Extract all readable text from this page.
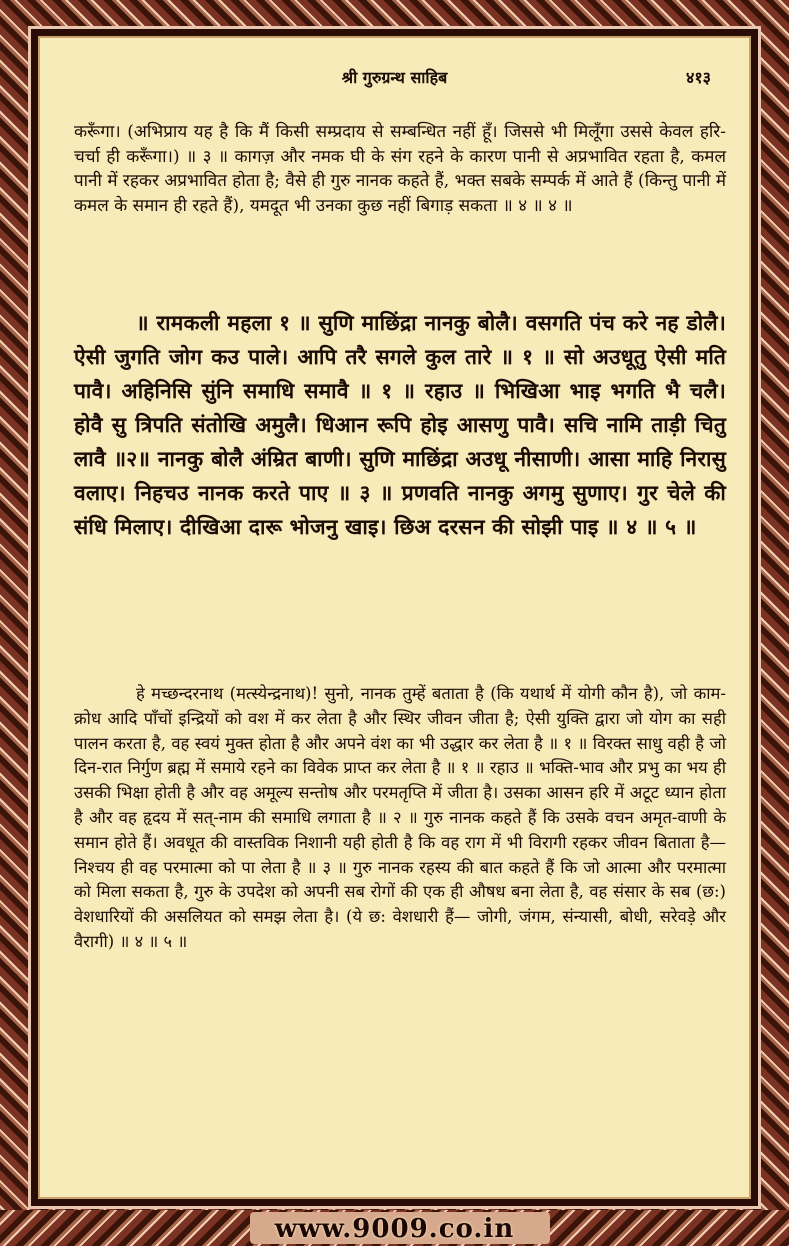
श्री गुरुग्रन्थ साहिब	४१३
करूँगा। (अभिप्राय यह है कि मैं किसी सम्प्रदाय से सम्बन्धित नहीं हूँ। जिससे भी मिलूँगा उससे केवल हरि-चर्चा ही करूँगा।) ॥ ३ ॥ कागज़ और नमक घी के संग रहने के कारण पानी से अप्रभावित रहता है, कमल पानी में रहकर अप्रभावित होता है; वैसे ही गुरु नानक कहते हैं, भक्त सबके सम्पर्क में आते हैं (किन्तु पानी में कमल के समान ही रहते हैं), यमदूत भी उनका कुछ नहीं बिगाड़ सकता ॥ ४ ॥ ४ ॥
॥ रामकली महला १ ॥ सुणि माछिंद्रा नानकु बोलै। वसगति पंच करे नह डोलै। ऐसी जुगति जोग कउ पाले। आपि तरै सगले कुल तारे ॥ १ ॥ सो अउधूतु ऐसी मति पावै। अहिनिसि सुंनि समाधि समावै ॥ १ ॥ रहाउ ॥ भिखिआ भाइ भगति भै चलै। होवै सु त्रिपति संतोखि अमुलै। धिआन रूपि होइ आसणु पावै। सचि नामि ताड़ी चितु लावै ॥२॥ नानकु बोलै अंम्रित बाणी। सुणि माछिंद्रा अउधू नीसाणी। आसा माहि निरासु वलाए। निहचउ नानक करते पाए ॥ ३ ॥ प्रणवति नानकु अगमु सुणाए। गुर चेले की संधि मिलाए। दीखिआ दारू भोजनु खाइ। छिअ दरसन की सोझी पाइ ॥ ४ ॥ ५ ॥
हे मच्छन्दरनाथ (मत्स्येन्द्रनाथ)! सुनो, नानक तुम्हें बताता है (कि यथार्थ में योगी कौन है), जो काम-क्रोध आदि पाँचों इन्द्रियों को वश में कर लेता है और स्थिर जीवन जीता है; ऐसी युक्ति द्वारा जो योग का सही पालन करता है, वह स्वयं मुक्त होता है और अपने वंश का भी उद्धार कर लेता है ॥ १ ॥ विरक्त साधु वही है जो दिन-रात निर्गुण ब्रह्म में समाये रहने का विवेक प्राप्त कर लेता है ॥ १ ॥ रहाउ ॥ भक्ति-भाव और प्रभु का भय ही उसकी भिक्षा होती है और वह अमूल्य सन्तोष और परमतृप्ति में जीता है। उसका आसन हरि में अटूट ध्यान होता है और वह हृदय में सत्-नाम की समाधि लगाता है ॥ २ ॥ गुरु नानक कहते हैं कि उसके वचन अमृत-वाणी के समान होते हैं। अवधूत की वास्तविक निशानी यही होती है कि वह राग में भी विरागी रहकर जीवन बिताता है— निश्चय ही वह परमात्मा को पा लेता है ॥ ३ ॥ गुरु नानक रहस्य की बात कहते हैं कि जो आत्मा और परमात्मा को मिला सकता है, गुरु के उपदेश को अपनी सब रोगों की एक ही औषध बना लेता है, वह संसार के सब (छ:) वेशधारियों की असलियत को समझ लेता है। (ये छ: वेशधारी हैं— जोगी, जंगम, संन्यासी, बोधी, सरेवड़े और वैरागी) ॥ ४ ॥ ५ ॥
www.9009.co.in
